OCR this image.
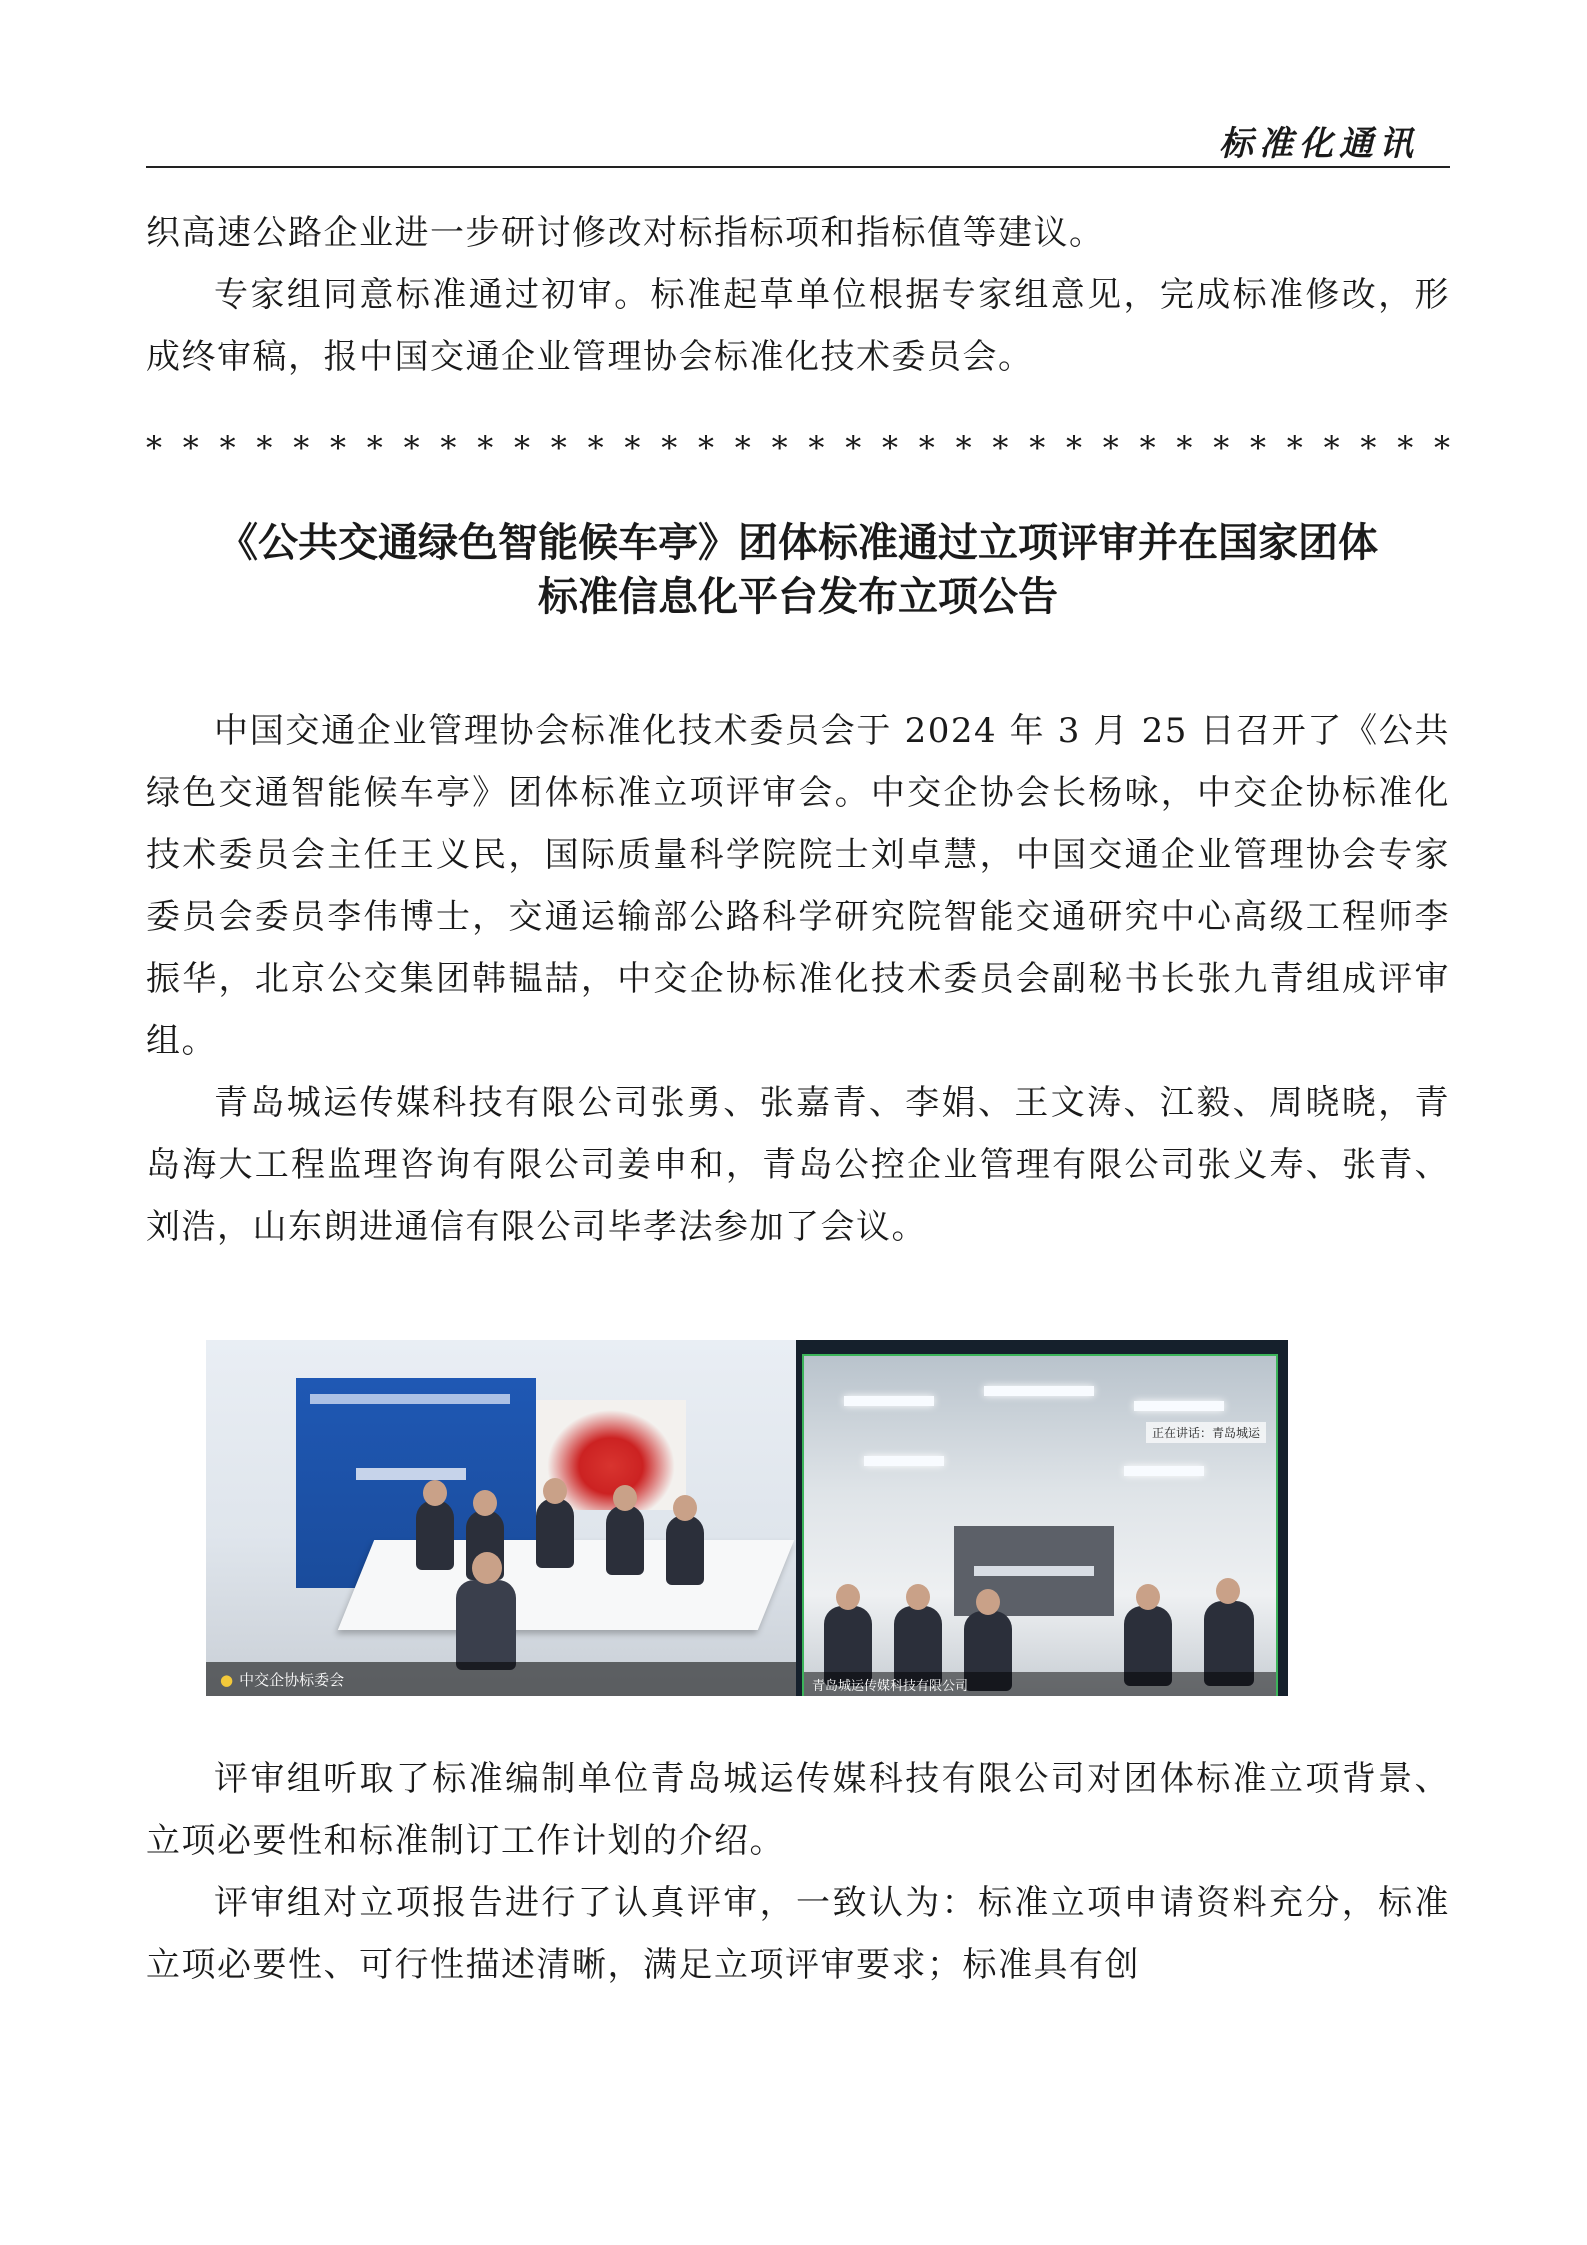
标准化通讯

织高速公路企业进一步研讨修改对标指标项和指标值等建议。

专家组同意标准通过初审。标准起草单位根据专家组意见，完成标准修改，形成终审稿，报中国交通企业管理协会标准化技术委员会。

* * * * * * * * * * * * * * * * * * * * * * * * * * * * * * * * * * * *

《公共交通绿色智能候车亭》团体标准通过立项评审并在国家团体

标准信息化平台发布立项公告

中国交通企业管理协会标准化技术委员会于 2024 年 3 月 25 日召开了《公共绿色交通智能候车亭》团体标准立项评审会。中交企协会长杨咏，中交企协标准化技术委员会主任王义民，国际质量科学院院士刘卓慧，中国交通企业管理协会专家委员会委员李伟博士，交通运输部公路科学研究院智能交通研究中心高级工程师李振华，北京公交集团韩韫喆，中交企协标准化技术委员会副秘书长张九青组成评审组。

青岛城运传媒科技有限公司张勇、张嘉青、李娟、王文涛、江毅、周晓晓，青岛海大工程监理咨询有限公司姜申和，青岛公控企业管理有限公司张义寿、张青、刘浩，山东朗进通信有限公司毕孝法参加了会议。

● 中交企协标委会
正在讲话：青岛城运
青岛城运传媒科技有限公司

评审组听取了标准编制单位青岛城运传媒科技有限公司对团体标准立项背景、立项必要性和标准制订工作计划的介绍。

评审组对立项报告进行了认真评审，一致认为：标准立项申请资料充分，标准立项必要性、可行性描述清晰，满足立项评审要求；标准具有创
